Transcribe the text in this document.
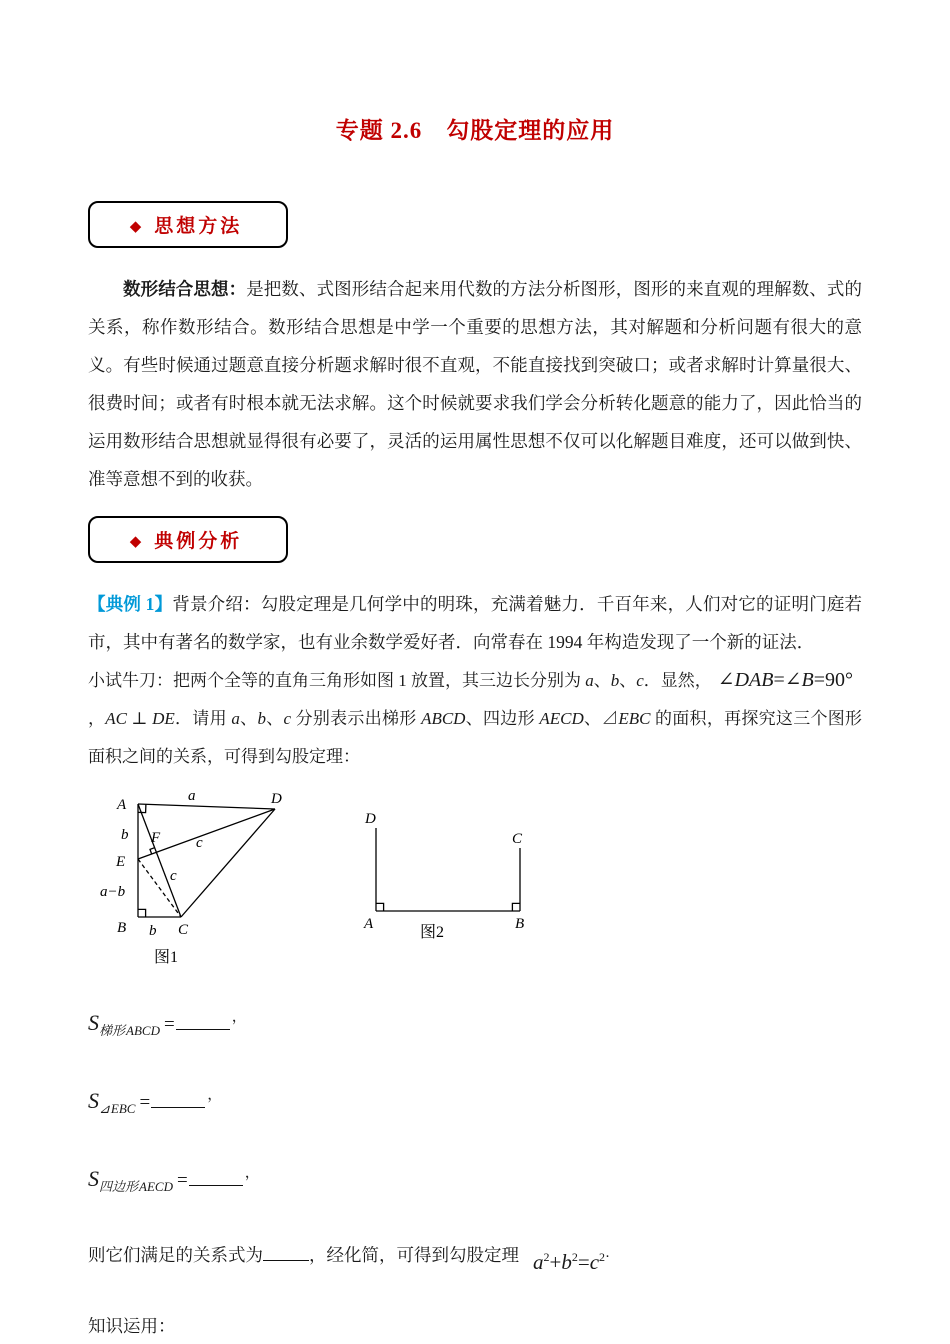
专题 2.6　勾股定理的应用
◆ 思想方法

数形结合思想：是把数、式图形结合起来用代数的方法分析图形，图形的来直观的理解数、式的关系，称作数形结合。数形结合思想是中学一个重要的思想方法，其对解题和分析问题有很大的意义。有些时候通过题意直接分析题求解时很不直观，不能直接找到突破口；或者求解时计算量很大、很费时间；或者有时根本就无法求解。这个时候就要求我们学会分析转化题意的能力了，因此恰当的运用数形结合思想就显得很有必要了，灵活的运用属性思想不仅可以化解题目难度，还可以做到快、准等意想不到的收获。

◆ 典例分析

【典例 1】背景介绍：勾股定理是几何学中的明珠，充满着魅力．千百年来，人们对它的证明门庭若市，其中有著名的数学家，也有业余数学爱好者．向常春在 1994 年构造发现了一个新的证法．

小试牛刀：把两个全等的直角三角形如图 1 放置，其三边长分别为 a、b、c．显然， ∠DAB=∠B=90°
，AC ⊥ DE．请用 a、b、c 分别表示出梯形 ABCD、四边形 AECD、⊿EBC 的面积，再探究这三个图形面积之间的关系，可得到勾股定理：

A
a	D
b F
E
c
c
a−b
B b C
图1
D
C
A	B
图2

$S_{梯形ABCD}$ =	，

$S_{⊿EBC}$ =	，

$S_{四边形AECD}$ =	，

则它们满足的关系式为	，经化简，可得到勾股定理 $a^2+b^2=c^{2\cdot}$

知识运用：
